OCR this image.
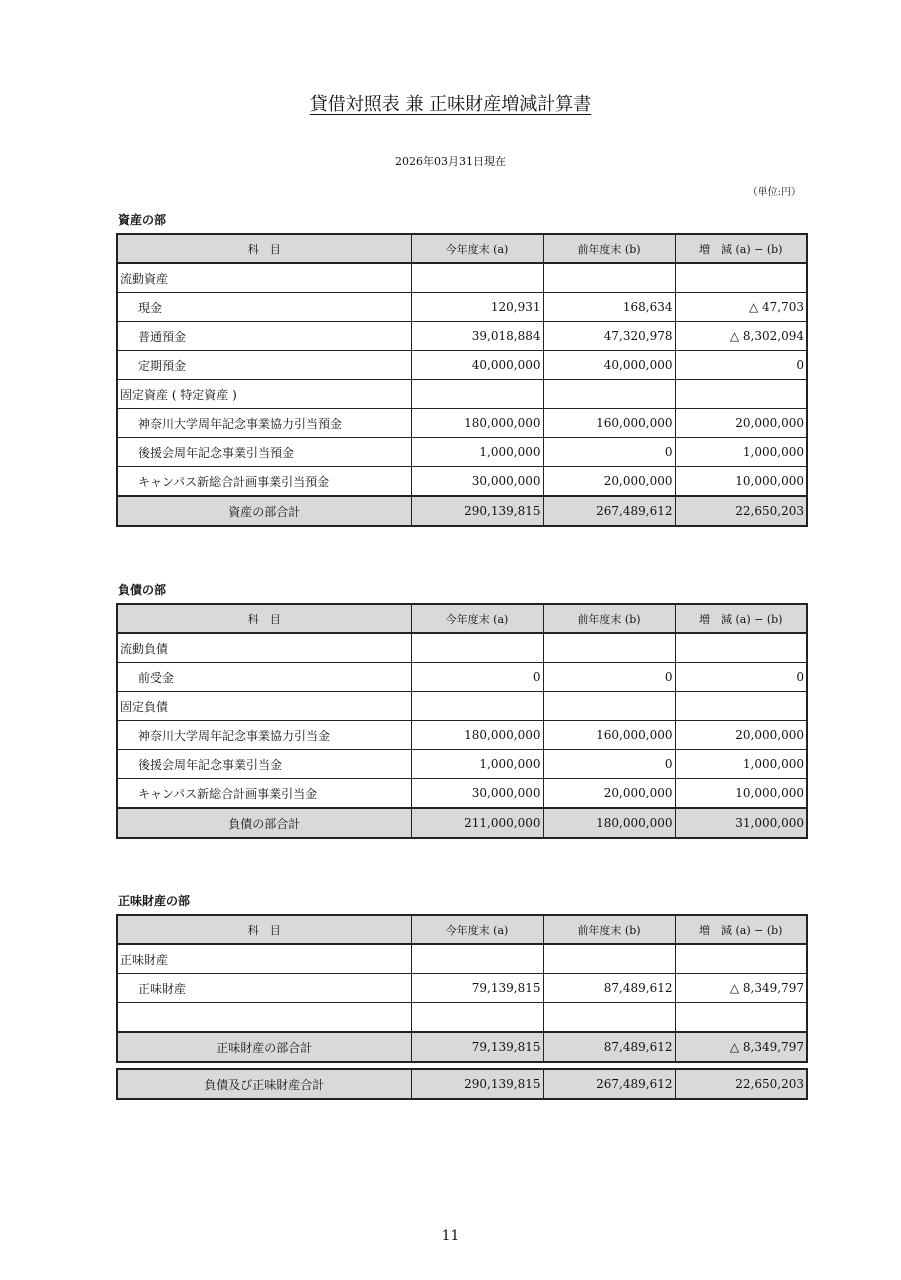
貸借対照表 兼 正味財産増減計算書
2026年03月31日現在
（単位:円）
資産の部
科　目	今年度末 (a)	前年度末 (b)	増　減 (a) − (b)
流動資産			
現金	120,931	168,634	△ 47,703
普通預金	39,018,884	47,320,978	△ 8,302,094
定期預金	40,000,000	40,000,000	0
固定資産 ( 特定資産 )			
神奈川大学周年記念事業協力引当預金	180,000,000	160,000,000	20,000,000
後援会周年記念事業引当預金	1,000,000	0	1,000,000
キャンパス新総合計画事業引当預金	30,000,000	20,000,000	10,000,000
資産の部合計	290,139,815	267,489,612	22,650,203
負債の部
科　目	今年度末 (a)	前年度末 (b)	増　減 (a) − (b)
流動負債			
前受金	0	0	0
固定負債			
神奈川大学周年記念事業協力引当金	180,000,000	160,000,000	20,000,000
後援会周年記念事業引当金	1,000,000	0	1,000,000
キャンパス新総合計画事業引当金	30,000,000	20,000,000	10,000,000
負債の部合計	211,000,000	180,000,000	31,000,000
正味財産の部
科　目	今年度末 (a)	前年度末 (b)	増　減 (a) − (b)
正味財産			
正味財産	79,139,815	87,489,612	△ 8,349,797

正味財産の部合計	79,139,815	87,489,612	△ 8,349,797
負債及び正味財産合計	290,139,815	267,489,612	22,650,203
11
